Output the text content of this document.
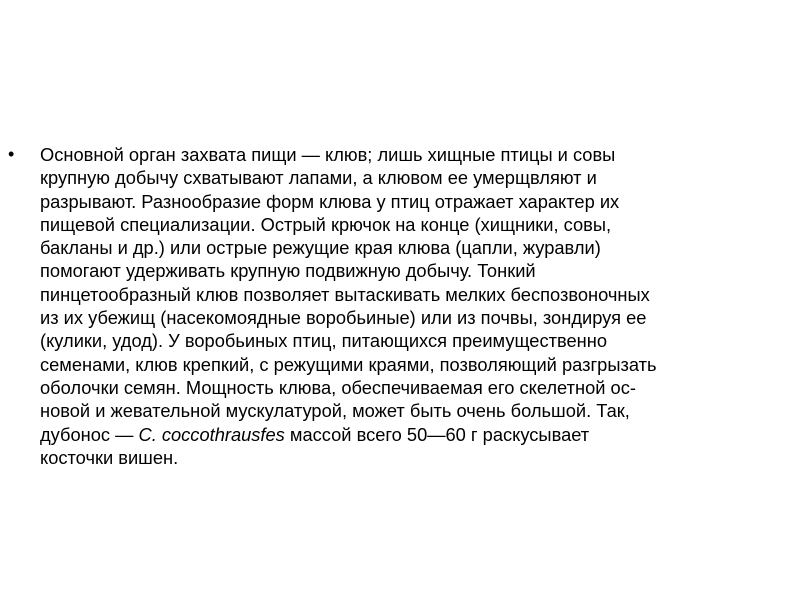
• Основной орган захвата пищи — клюв; лишь хищные птицы и совы
крупную добычу схватывают лапами, а клювом ее умерщвляют и
разрывают. Разнообразие форм клюва у птиц отражает характер их
пищевой специализации. Острый крючок на конце (хищники, совы,
бакланы и др.) или острые режущие края клюва (цапли, журавли)
помогают удерживать крупную подвижную добычу. Тонкий
пинцетообразный клюв позволяет вытаскивать мелких беспозвоночных
из их убежищ (насекомоядные воробьиные) или из почвы, зондируя ее
(кулики, удод). У воробьиных птиц, питающихся преимущественно
семенами, клюв крепкий, с режущими краями, позволяющий разгрызать
оболочки семян. Мощность клюва, обеспечиваемая его скелетной ос-
новой и жевательной мускулатурой, может быть очень большой. Так,
дубонос — C. coccothrausfes массой всего 50—60 г раскусывает
косточки вишен.
